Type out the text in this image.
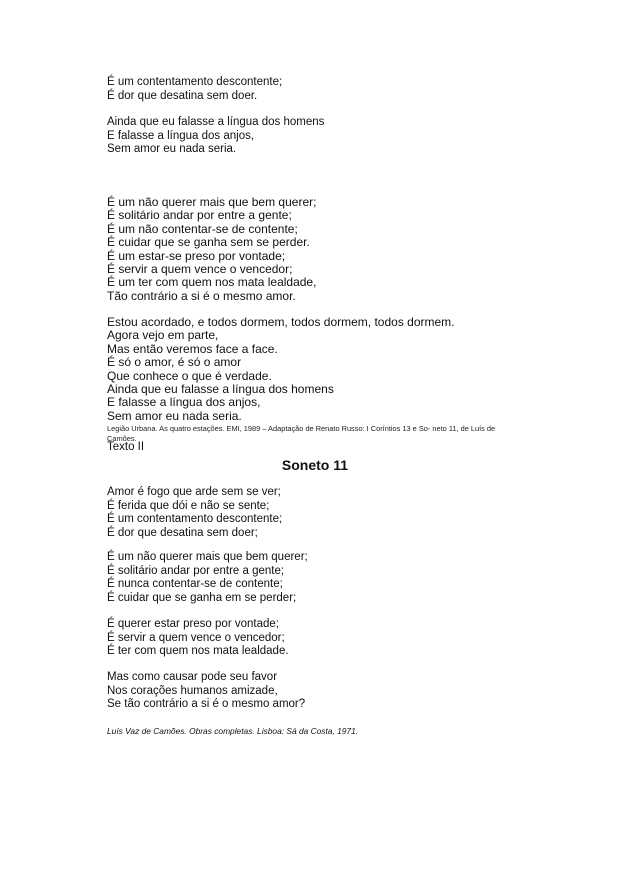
É um contentamento descontente;
É dor que desatina sem doer.
Ainda que eu falasse a língua dos homens
E falasse a língua dos anjos,
Sem amor eu nada seria.
É um não querer mais que bem querer;
É solitário andar por entre a gente;
É um não contentar-se de contente;
É cuidar que se ganha sem se perder.
É um estar-se preso por vontade;
É servir a quem vence o vencedor;
É um ter com quem nos mata lealdade,
Tão contrário a si é o mesmo amor.
Estou acordado, e todos dormem, todos dormem, todos dormem.
Agora vejo em parte,
Mas então veremos face a face.
É só o amor, é só o amor
Que conhece o que é verdade.
Ainda que eu falasse a língua dos homens
E falasse a língua dos anjos,
Sem amor eu nada seria.
Legião Urbana. As quatro estações. EMI, 1989 – Adaptação de Renato Russo: I Coríntios 13 e So- neto 11, de Luís de Camões.
Texto II
Soneto 11
Amor é fogo que arde sem se ver;
É ferida que dói e não se sente;
É um contentamento descontente;
É dor que desatina sem doer;
É um não querer mais que bem querer;
É solitário andar por entre a gente;
É nunca contentar-se de contente;
É cuidar que se ganha em se perder;
É querer estar preso por vontade;
É servir a quem vence o vencedor;
É ter com quem nos mata lealdade.
Mas como causar pode seu favor
Nos corações humanos amizade,
Se tão contrário a si é o mesmo amor?
Luís Vaz de Camões. Obras completas. Lisboa: Sá da Costa, 1971.
